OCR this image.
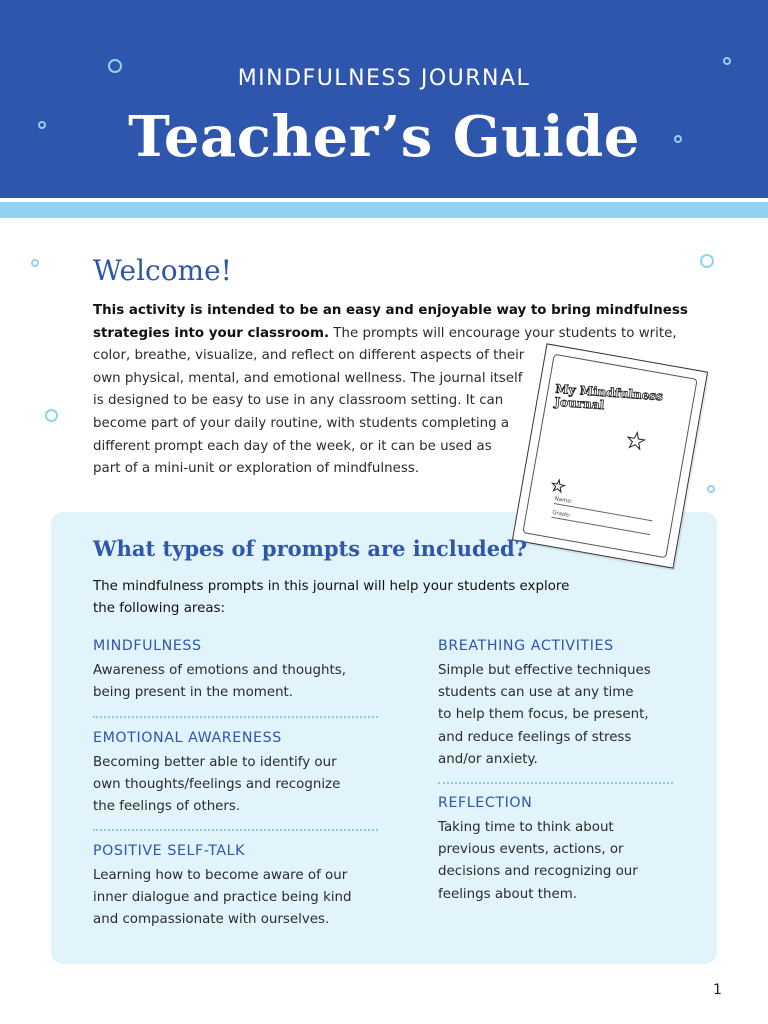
MINDFULNESS JOURNAL
Teacher’s Guide
Welcome!
This activity is intended to be an easy and enjoyable way to bring mindfulness
strategies into your classroom. The prompts will encourage your students to write,
color, breathe, visualize, and reflect on different aspects of their
own physical, mental, and emotional wellness. The journal itself
is designed to be easy to use in any classroom setting. It can
become part of your daily routine, with students completing a
different prompt each day of the week, or it can be used as
part of a mini-unit or exploration of mindfulness.
My Mindfulness Journal
★
★
Name:
Grade:
What types of prompts are included?
The mindfulness prompts in this journal will help your students explore
the following areas:
MINDFULNESS
Awareness of emotions and thoughts,
being present in the moment.
EMOTIONAL AWARENESS
Becoming better able to identify our
own thoughts/feelings and recognize
the feelings of others.
POSITIVE SELF-TALK
Learning how to become aware of our
inner dialogue and practice being kind
and compassionate with ourselves.
BREATHING ACTIVITIES
Simple but effective techniques
students can use at any time
to help them focus, be present,
and reduce feelings of stress
and/or anxiety.
REFLECTION
Taking time to think about
previous events, actions, or
decisions and recognizing our
feelings about them.
1
